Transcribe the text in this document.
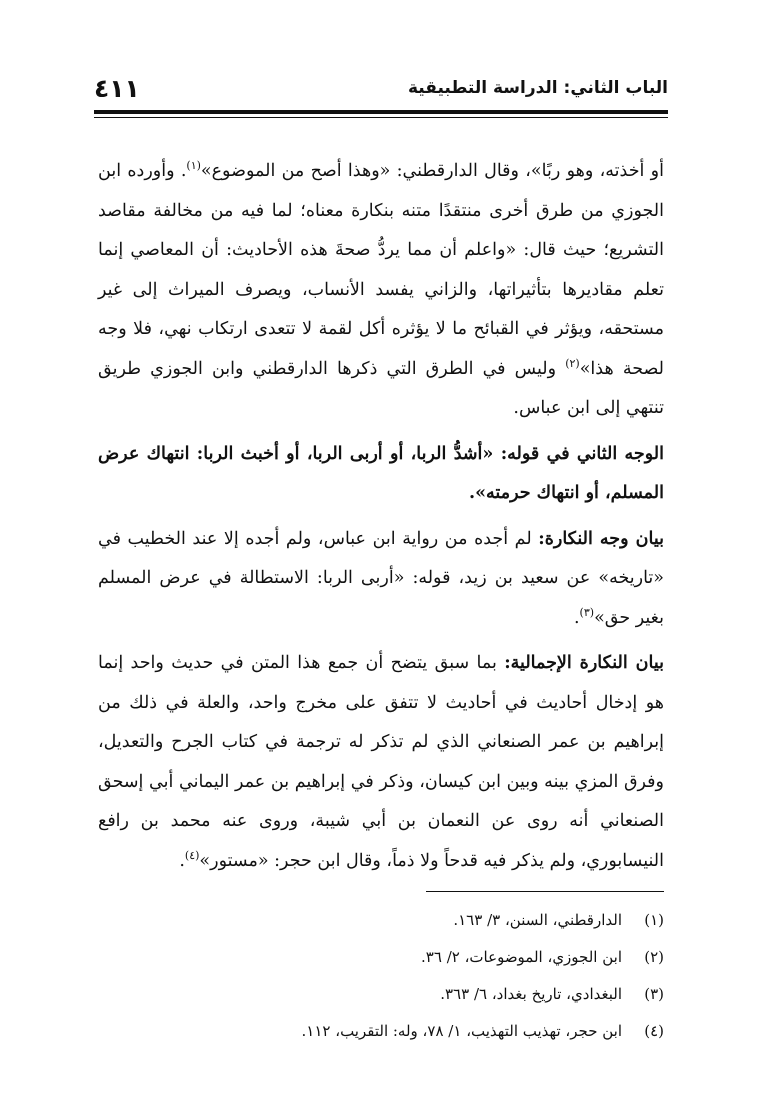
الباب الثاني: الدراسة التطبيقية
٤١١

أو أخذته، وهو ربًا»، وقال الدارقطني: «وهذا أصح من الموضوع»$^{(١)}$. وأورده ابن الجوزي من طرق أخرى منتقدًا متنه بنكارة معناه؛ لما فيه من مخالفة مقاصد التشريع؛ حيث قال: «واعلم أن مما يردُّ صحةَ هذه الأحاديث: أن المعاصي إنما تعلم مقاديرها بتأثيراتها، والزاني يفسد الأنساب، ويصرف الميراث إلى غير مستحقه، ويؤثر في القبائح ما لا يؤثره أكل لقمة لا تتعدى ارتكاب نهي، فلا وجه لصحة هذا»$^{(٢)}$ وليس في الطرق التي ذكرها الدارقطني وابن الجوزي طريق تنتهي إلى ابن عباس.

الوجه الثاني في قوله: «أشدُّ الربا، أو أربى الربا، أو أخبث الربا: انتهاك عرض المسلم، أو انتهاك حرمته».

بيان وجه النكارة: لم أجده من رواية ابن عباس، ولم أجده إلا عند الخطيب في «تاريخه» عن سعيد بن زيد، قوله: «أربى الربا: الاستطالة في عرض المسلم بغير حق»$^{(٣)}$.

بيان النكارة الإجمالية: بما سبق يتضح أن جمع هذا المتن في حديث واحد إنما هو إدخال أحاديث في أحاديث لا تتفق على مخرج واحد، والعلة في ذلك من إبراهيم بن عمر الصنعاني الذي لم تذكر له ترجمة في كتاب الجرح والتعديل، وفرق المزي بينه وبين ابن كيسان، وذكر في إبراهيم بن عمر اليماني أبي إسحق الصنعاني أنه روى عن النعمان بن أبي شيبة، وروى عنه محمد بن رافع النيسابوري، ولم يذكر فيه قدحاً ولا ذماً، وقال ابن حجر: «مستور»$^{(٤)}$.

(١)
الدارقطني، السنن، ٣/ ١٦٣.
(٢)
ابن الجوزي، الموضوعات، ٢/ ٣٦.
(٣)
البغدادي، تاريخ بغداد، ٦/ ٣٦٣.
(٤)
ابن حجر، تهذيب التهذيب، ١/ ٧٨، وله: التقريب، ١١٢.
